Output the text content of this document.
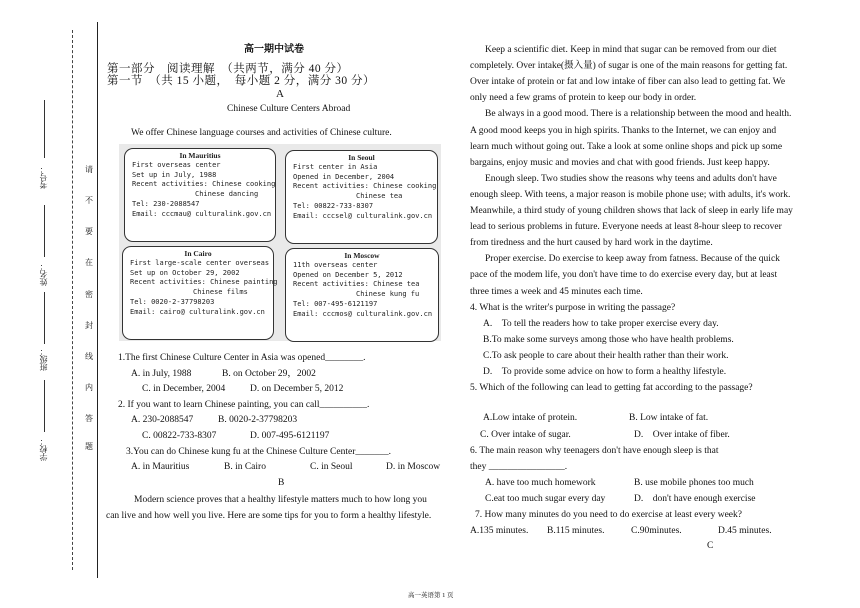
请
不
要
在
密
封
线
内
答
题
考号：
姓名：
班级：
学校：
高一期中试卷
第一部分　阅读理解　（共两节，满分 40 分）
第一节　（共 15 小题，　每小题 2 分，满分 30 分）
A
Chinese Culture Centers Abroad
We offer Chinese language courses and activities of Chinese culture.
In Mauritius
First overseas center
Set up in July, 1988
Recent activities: Chinese cooking
Chinese dancing
Tel: 230-2088547
Email: cccmau@ culturalink.gov.cn
In Seoul
First center in Asia
Opened in December, 2004
Recent activities: Chinese cooking
Chinese tea
Tel: 00822-733-8307
Email: cccsel@ culturalink.gov.cn
In Cairo
First large-scale center overseas
Set up on October 29, 2002
Recent activities: Chinese painting
Chinese films
Tel: 0020-2-37798203
Email: cairo@ culturalink.gov.cn
In Moscow
11th overseas center
Opened on December 5, 2012
Recent activities: Chinese tea
Chinese kung fu
Tel: 007-495-6121197
Email: cccmos@ culturalink.gov.cn
1.The first Chinese Culture Center in Asia was opened________.
A. in July, 1988	B. on October 29，2002
C. in December, 2004	D. on December 5, 2012
2. If you want to learn Chinese painting, you can call__________.
A. 230-2088547	B. 0020-2-37798203
C. 00822-733-8307	D. 007-495-6121197
3.You can do Chinese kung fu at the Chinese Culture Center_______.
A. in Mauritius	B. in Cairo	C. in Seoul	D. in Moscow
B
Modern science proves that a healthy lifestyle matters much to how long you
can live and how well you live. Here are some tips for you to form a healthy lifestyle.
Keep a scientific diet. Keep in mind that sugar can be removed from our diet
completely. Over intake(摄入量) of sugar is one of the main reasons for getting fat.
Over intake of protein or fat and low intake of fiber can also lead to getting fat. We
only need a few grams of protein to keep our body in order.
Be always in a good mood. There is a relationship between the mood and health.
A good mood keeps you in high spirits. Thanks to the Internet, we can enjoy and
learn much without going out. Take a look at some online shops and pick up some
bargains, enjoy music and movies and chat with good friends. Just keep happy.
Enough sleep. Two studies show the reasons why teens and adults don't have
enough sleep. With teens, a major reason is mobile phone use; with adults, it's work.
Meanwhile, a third study of young children shows that lack of sleep in early life may
lead to serious problems in future. Everyone needs at least 8-hour sleep to recover
from tiredness and the hurt caused by hard work in the daytime.
Proper exercise. Do exercise to keep away from fatness. Because of the quick
pace of the modem life, you don't have time to do exercise every day, but at least
three times a week and 45 minutes each time.
4. What is the writer's purpose in writing the passage?
A.　To tell the readers how to take proper exercise every day.
B.To make some surveys among those who have health problems.
C.To ask people to care about their health rather than their work.
D.　To provide some advice on how to form a healthy lifestyle.
5. Which of the following can lead to getting fat according to the passage?
A.Low intake of protein.	B. Low intake of fat.
C. Over intake of sugar.	D.　Over intake of fiber.
6. The main reason why teenagers don't have enough sleep is that
they ________________.
A. have too much homework	B. use mobile phones too much
C.eat too much sugar every day	D.　don't have enough exercise
7. How many minutes do you need to do exercise at least every week?
A.135 minutes. B.115 minutes.	C.90minutes.	D.45 minutes.
C
高一英语第 1 页
